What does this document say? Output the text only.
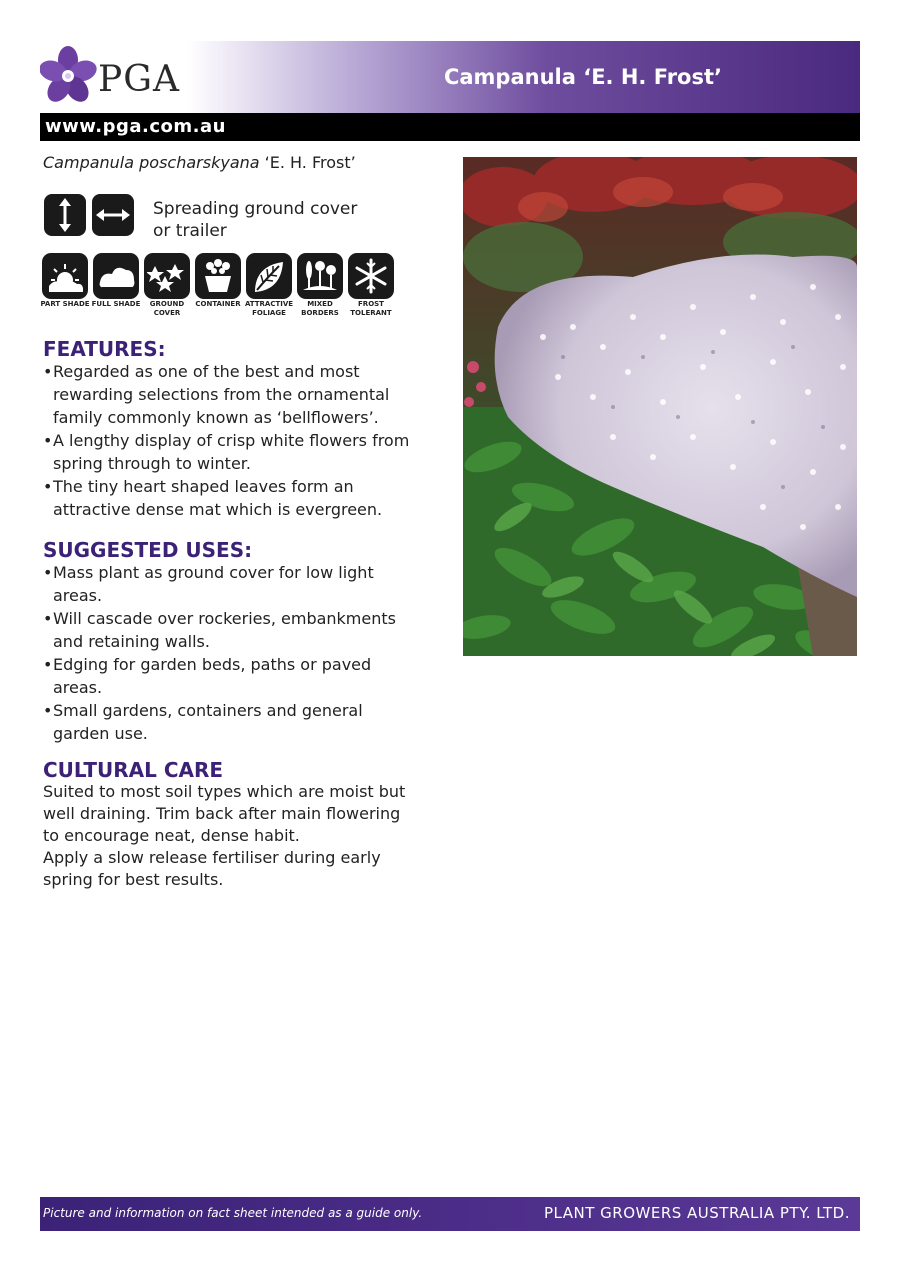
PGA	Campanula ‘E. H. Frost’
www.pga.com.au
Campanula poscharskyana ‘E. H. Frost’
Spreading ground cover
or trailer
PART SHADE FULL SHADE	GROUND
COVER
CONTAINER ATTRACTIVE
FOLIAGE
MIXED
BORDERS
FROST
TOLERANT
FEATURES:
• Regarded as one of the best and most
rewarding selections from the ornamental
family commonly known as ‘bellflowers’.
• A lengthy display of crisp white flowers from
spring through to winter.
• The tiny heart shaped leaves form an
attractive dense mat which is evergreen.
SUGGESTED USES:
• Mass plant as ground cover for low light
areas.
• Will cascade over rockeries, embankments
and retaining walls.
• Edging for garden beds, paths or paved
areas.
• Small gardens, containers and general
garden use.
CULTURAL CARE
Suited to most soil types which are moist but
well draining. Trim back after main flowering
to encourage neat, dense habit.
Apply a slow release fertiliser during early
spring for best results.
Picture and information on fact sheet intended as a guide only.	PLANT GROWERS AUSTRALIA PTY. LTD.
